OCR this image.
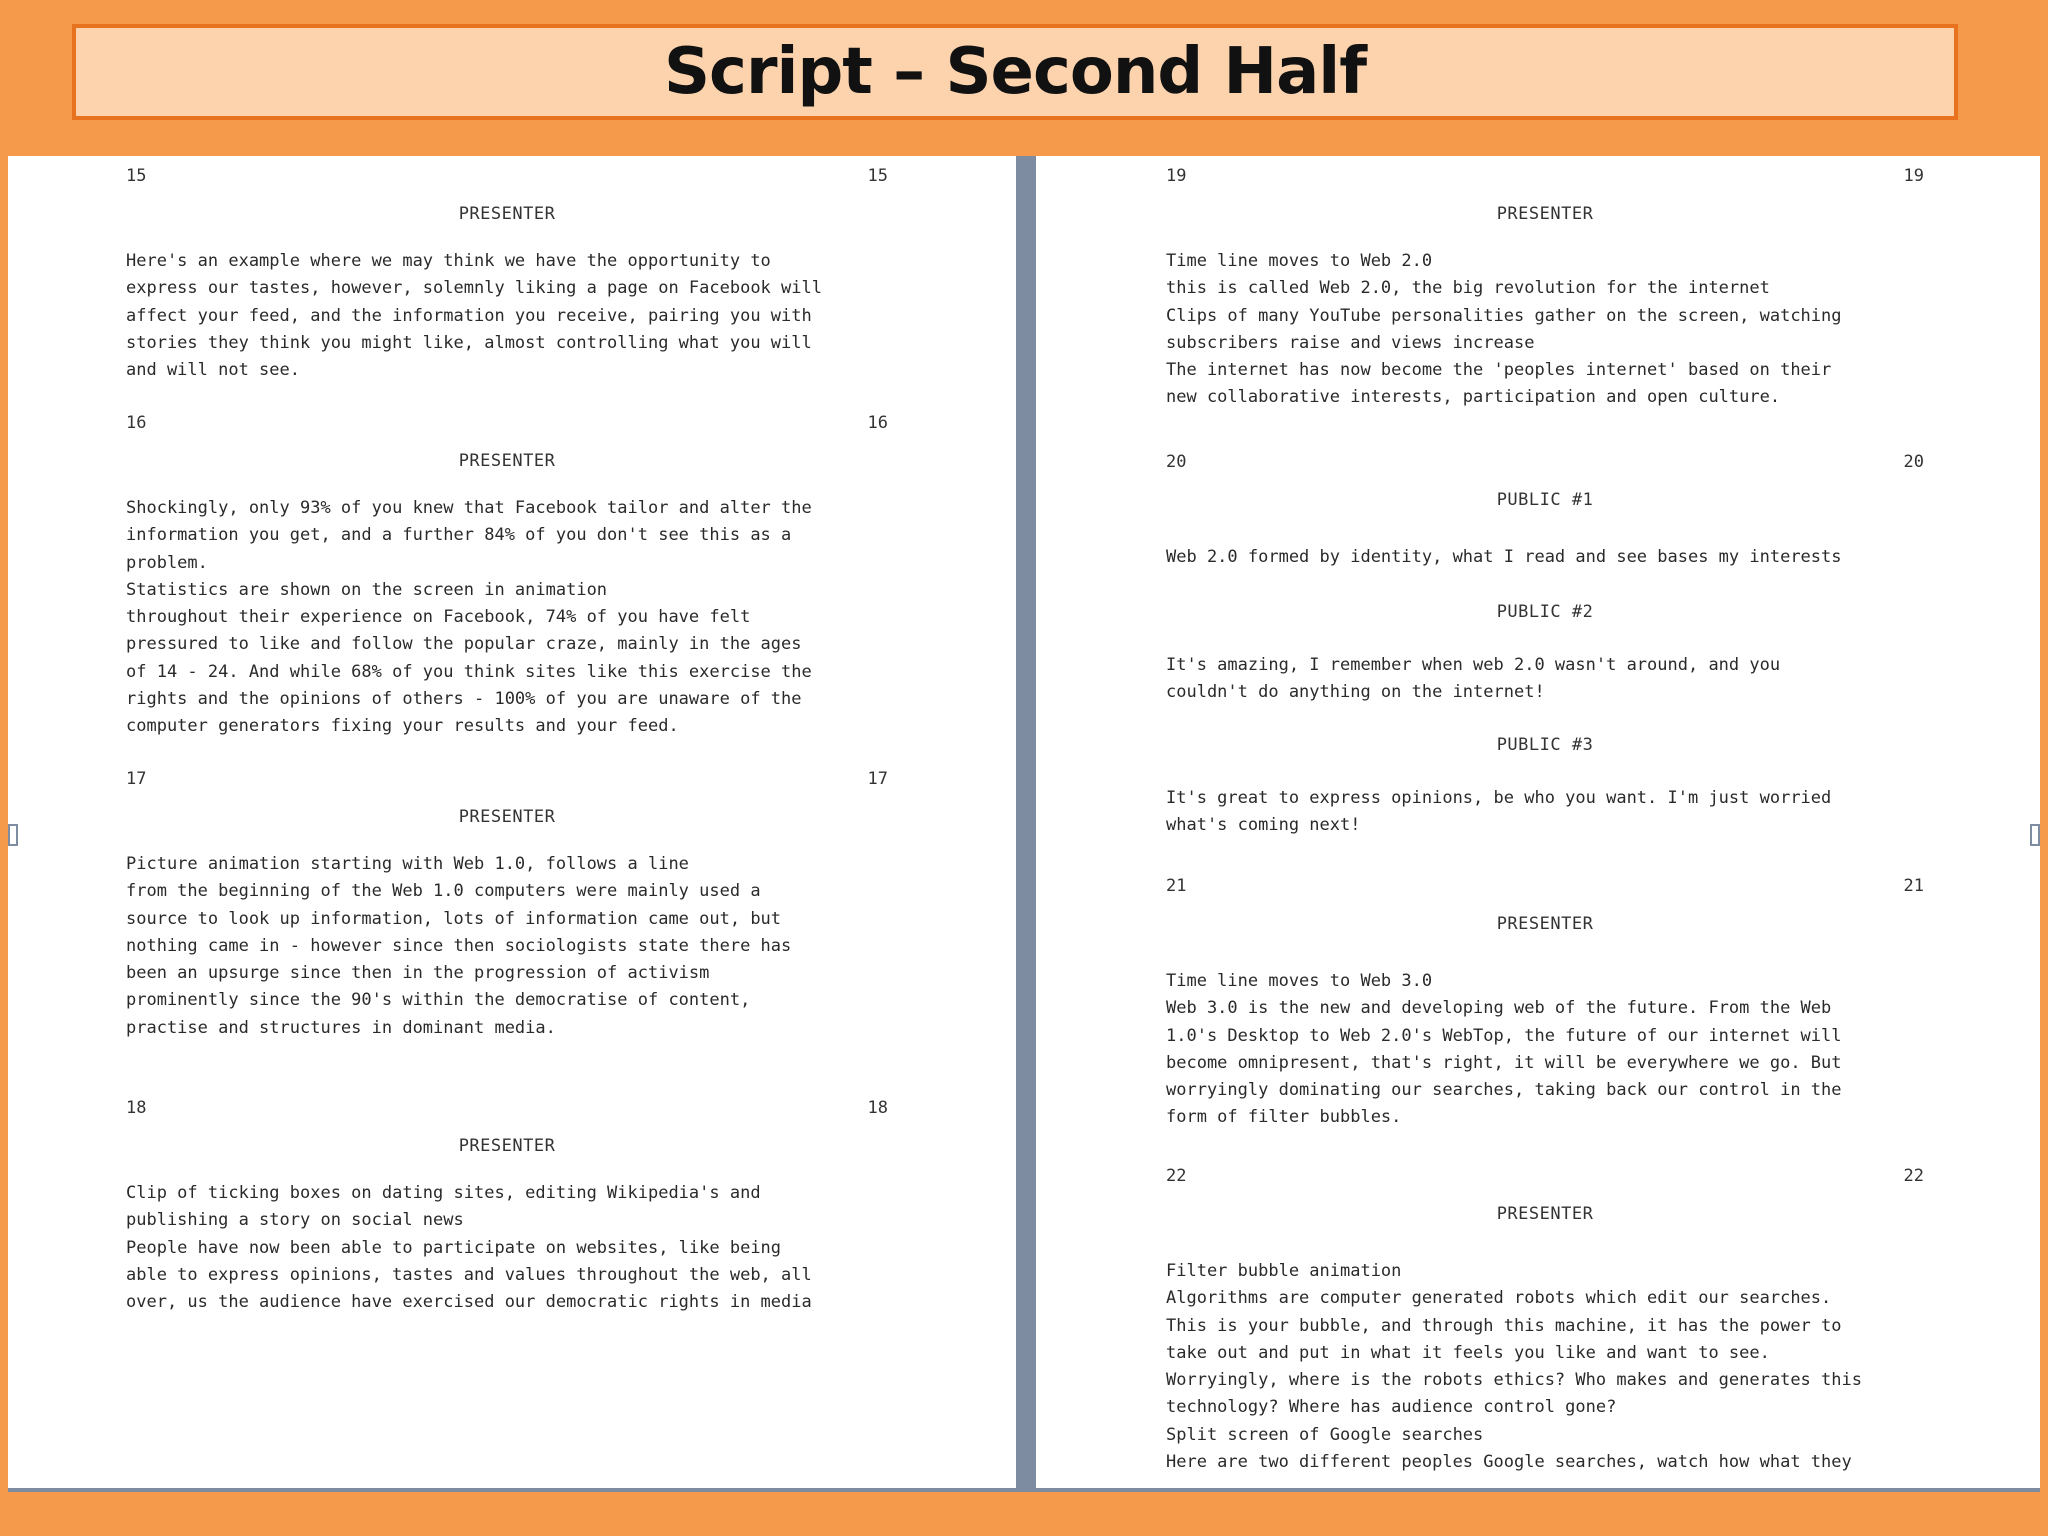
Script – Second Half
15	15
PRESENTER
Here's an example where we may think we have the opportunity to
express our tastes, however, solemnly liking a page on Facebook will
affect your feed, and the information you receive, pairing you with
stories they think you might like, almost controlling what you will
and will not see.
16	16
PRESENTER
Shockingly, only 93% of you knew that Facebook tailor and alter the
information you get, and a further 84% of you don't see this as a
problem.
Statistics are shown on the screen in animation
throughout their experience on Facebook, 74% of you have felt
pressured to like and follow the popular craze, mainly in the ages
of 14 - 24. And while 68% of you think sites like this exercise the
rights and the opinions of others - 100% of you are unaware of the
computer generators fixing your results and your feed.
17	17
PRESENTER
Picture animation starting with Web 1.0, follows a line
from the beginning of the Web 1.0 computers were mainly used a
source to look up information, lots of information came out, but
nothing came in - however since then sociologists state there has
been an upsurge since then in the progression of activism
prominently since the 90's within the democratise of content,
practise and structures in dominant media.
18	18
PRESENTER
Clip of ticking boxes on dating sites, editing Wikipedia's and
publishing a story on social news
People have now been able to participate on websites, like being
able to express opinions, tastes and values throughout the web, all
over, us the audience have exercised our democratic rights in media
19	19
PRESENTER
Time line moves to Web 2.0
this is called Web 2.0, the big revolution for the internet
Clips of many YouTube personalities gather on the screen, watching
subscribers raise and views increase
The internet has now become the 'peoples internet' based on their
new collaborative interests, participation and open culture.
20	20
PUBLIC #1
Web 2.0 formed by identity, what I read and see bases my interests
PUBLIC #2
It's amazing, I remember when web 2.0 wasn't around, and you
couldn't do anything on the internet!
PUBLIC #3
It's great to express opinions, be who you want. I'm just worried
what's coming next!
21	21
PRESENTER
Time line moves to Web 3.0
Web 3.0 is the new and developing web of the future. From the Web
1.0's Desktop to Web 2.0's WebTop, the future of our internet will
become omnipresent, that's right, it will be everywhere we go. But
worryingly dominating our searches, taking back our control in the
form of filter bubbles.
22	22
PRESENTER
Filter bubble animation
Algorithms are computer generated robots which edit our searches.
This is your bubble, and through this machine, it has the power to
take out and put in what it feels you like and want to see.
Worryingly, where is the robots ethics? Who makes and generates this
technology? Where has audience control gone?
Split screen of Google searches
Here are two different peoples Google searches, watch how what they
